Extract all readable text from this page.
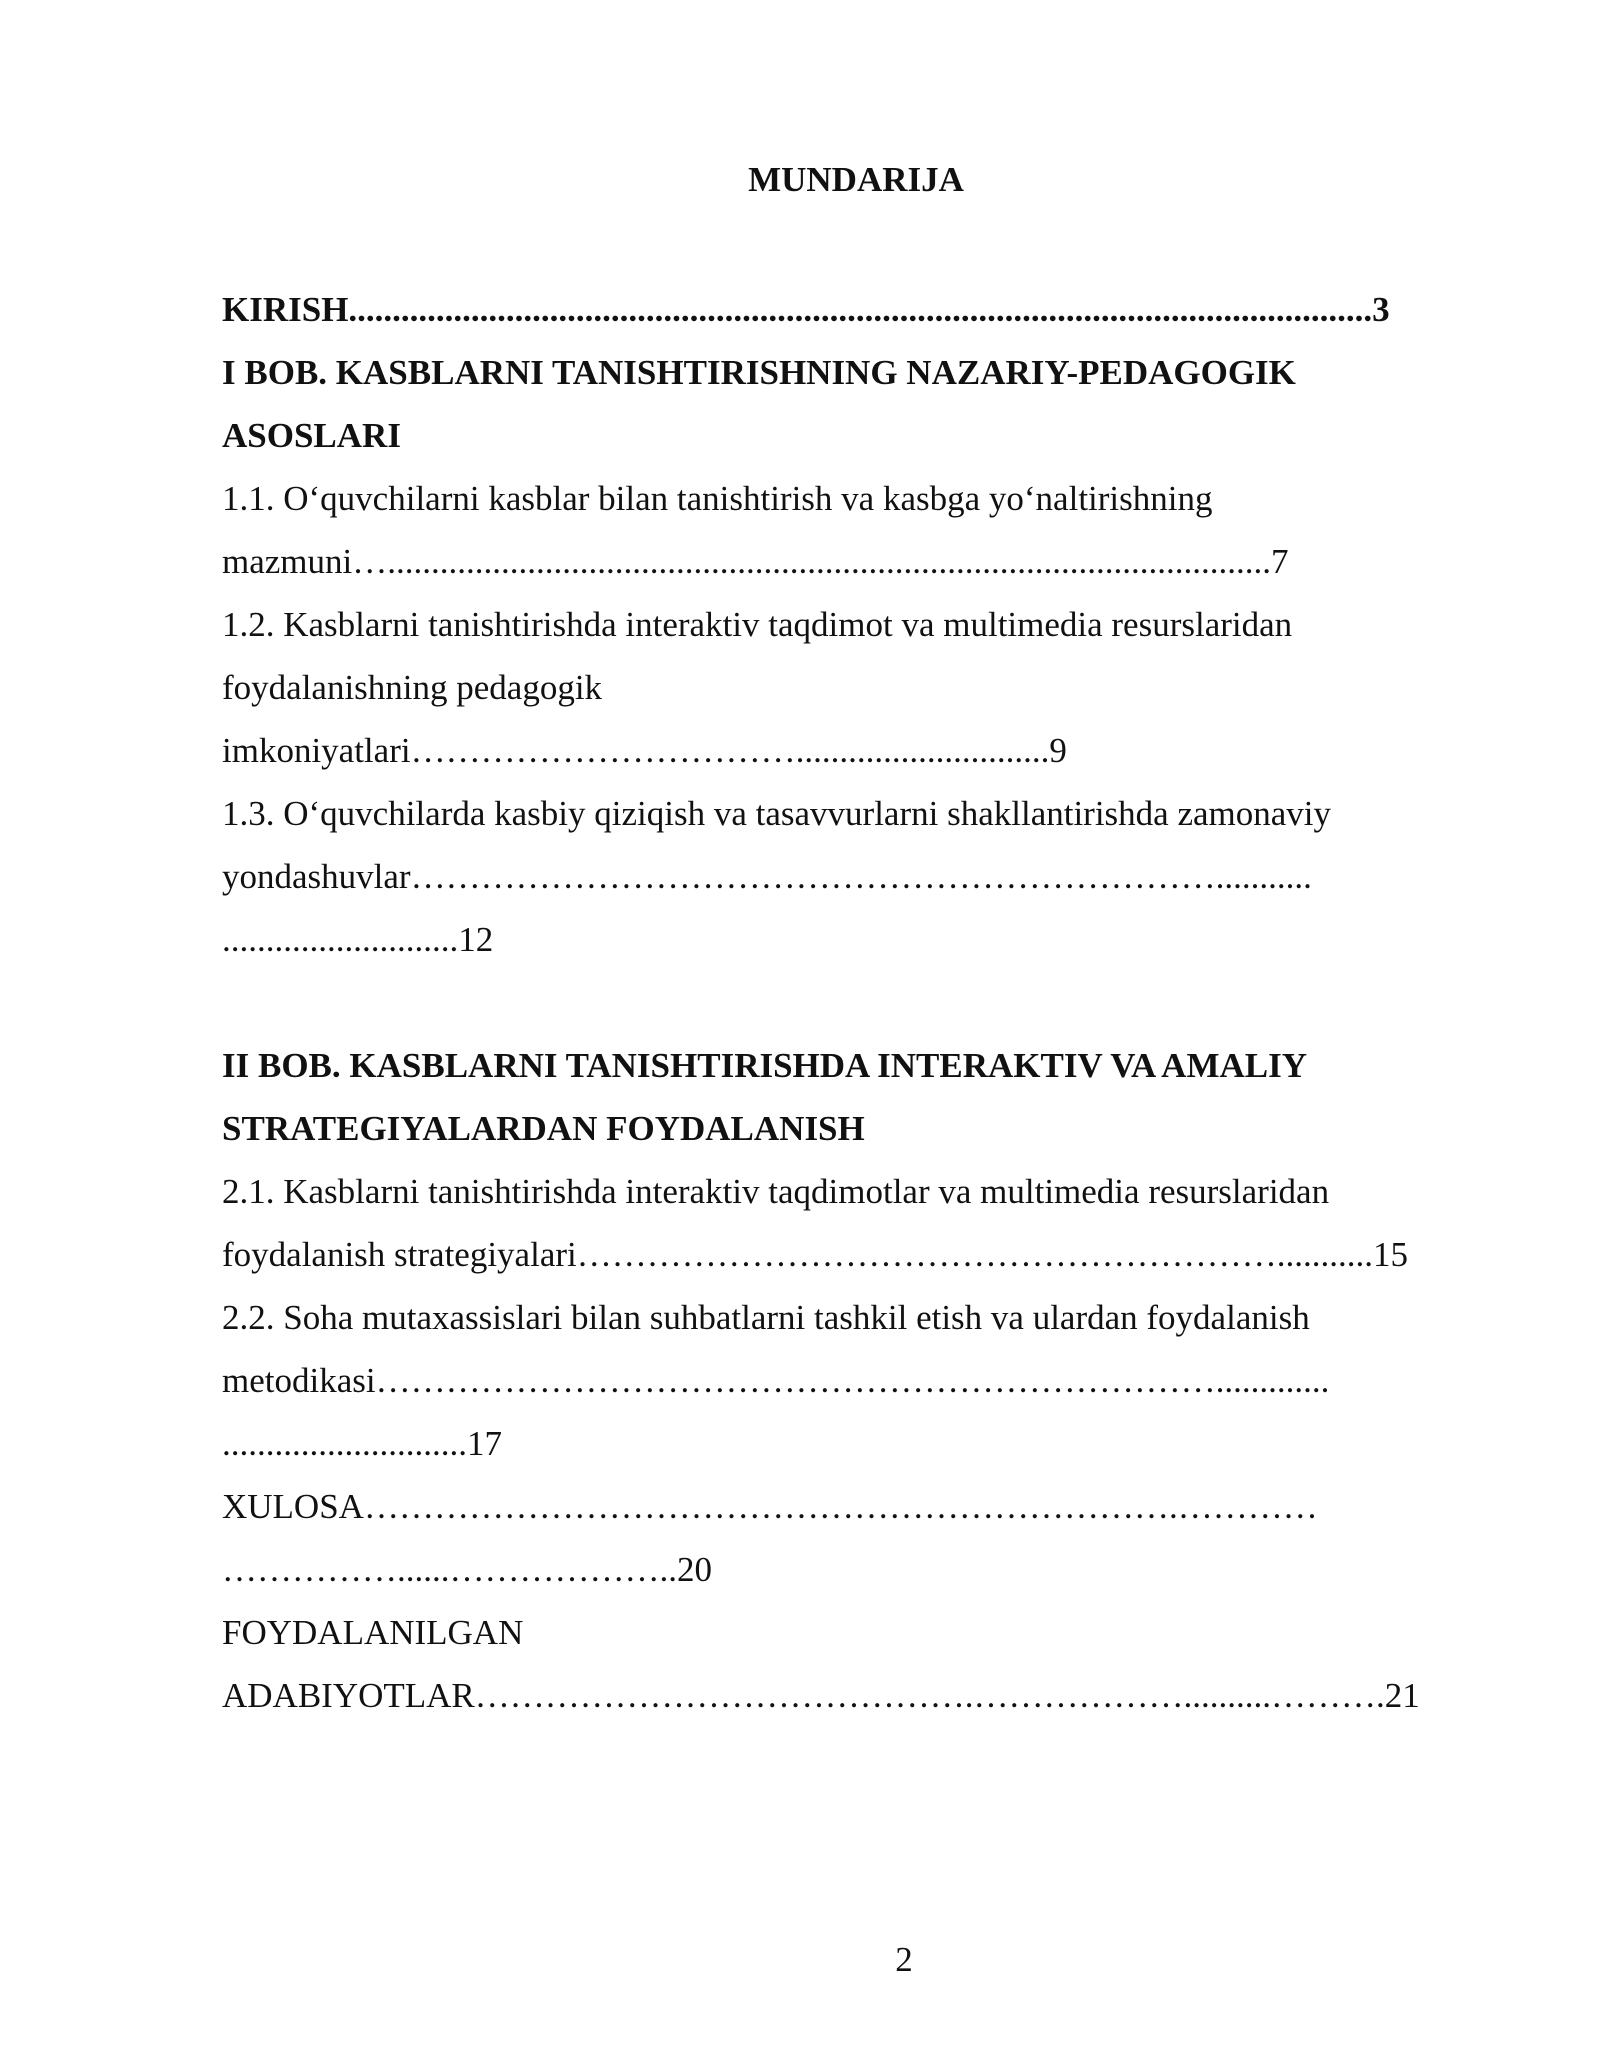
MUNDARIJA
KIRISH.....................................................................................................................3
I BOB. KASBLARNI TANISHTIRISHNING NAZARIY-PEDAGOGIK
ASOSLARI
1.1. O‘quvchilarni kasblar bilan tanishtirish va kasbga yo‘naltirishning
mazmuni….....................................................................................................7
1.2. Kasblarni tanishtirishda interaktiv taqdimot va multimedia resurslaridan
foydalanishning pedagogik
imkoniyatlari…………………………….............................9
1.3. O‘quvchilarda kasbiy qiziqish va tasavvurlarni shakllantirishda zamonaviy
yondashuvlar……………………………………………………………...........
...........................12
II BOB. KASBLARNI TANISHTIRISHDA INTERAKTIV VA AMALIY
STRATEGIYALARDAN FOYDALANISH
2.1. Kasblarni tanishtirishda interaktiv taqdimotlar va multimedia resurslaridan
foydalanish strategiyalari……………………………………………………...........15
2.2. Soha mutaxassislari bilan suhbatlarni tashkil etish va ulardan foydalanish
metodikasi……………………………………………………………….............
............................17
XULOSA…………………………………………………………….…………
……………......………………..20
FOYDALANILGAN
ADABIYOTLAR…………………………………….………………..........……….21
2
